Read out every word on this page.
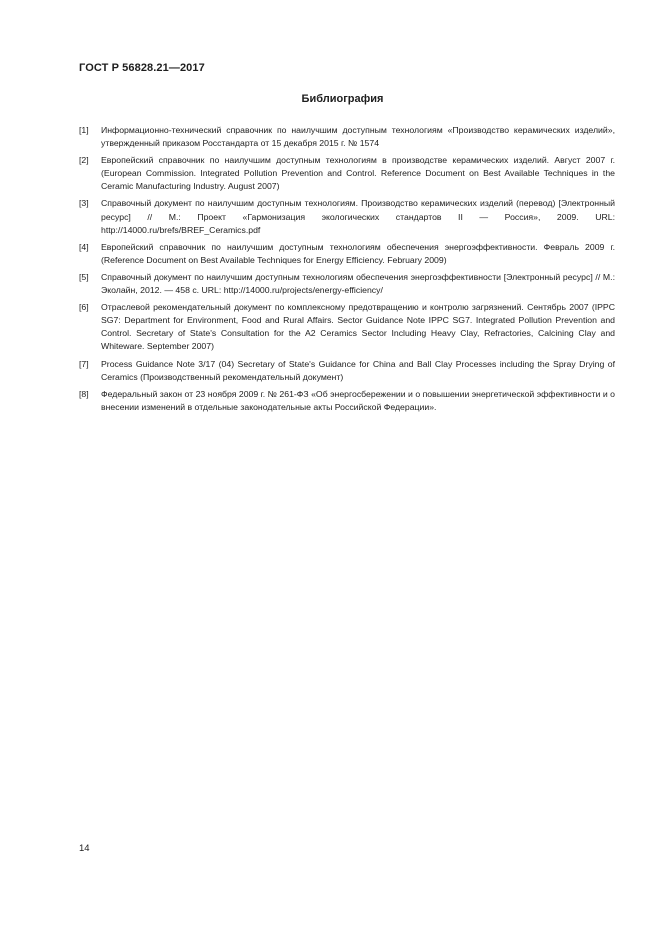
ГОСТ Р 56828.21—2017
Библиография
[1]	Информационно-технический справочник по наилучшим доступным технологиям «Производство керамических изделий», утвержденный приказом Росстандарта от 15 декабря 2015 г. № 1574
[2]	Европейский справочник по наилучшим доступным технологиям в производстве керамических изделий. Август 2007 г. (European Commission. Integrated Pollution Prevention and Control. Reference Document on Best Available Techniques in the Ceramic Manufacturing Industry. August 2007)
[3]	Справочный документ по наилучшим доступным технологиям. Производство керамических изделий (перевод) [Электронный ресурс] // М.: Проект «Гармонизация экологических стандартов II — Россия», 2009. URL: http://14000.ru/brefs/BREF_Ceramics.pdf
[4]	Европейский справочник по наилучшим доступным технологиям обеспечения энергоэффективности. Февраль 2009 г. (Reference Document on Best Available Techniques for Energy Efficiency. February 2009)
[5]	Справочный документ по наилучшим доступным технологиям обеспечения энергоэффективности [Электронный ресурс] // М.: Эколайн, 2012. — 458 с. URL: http://14000.ru/projects/energy-efficiency/
[6]	Отраслевой рекомендательный документ по комплексному предотвращению и контролю загрязнений. Сентябрь 2007 (IPPC SG7: Department for Environment, Food and Rural Affairs. Sector Guidance Note IPPC SG7. Integrated Pollution Prevention and Control. Secretary of State's Consultation for the A2 Ceramics Sector Including Heavy Clay, Refractories, Calcining Clay and Whiteware. September 2007)
[7]	Process Guidance Note 3/17 (04) Secretary of State's Guidance for China and Ball Clay Processes including the Spray Drying of Ceramics (Производственный рекомендательный документ)
[8]	Федеральный закон от 23 ноября 2009 г. № 261-ФЗ «Об энергосбережении и о повышении энергетической эффективности и о внесении изменений в отдельные законодательные акты Российской Федерации».
14
